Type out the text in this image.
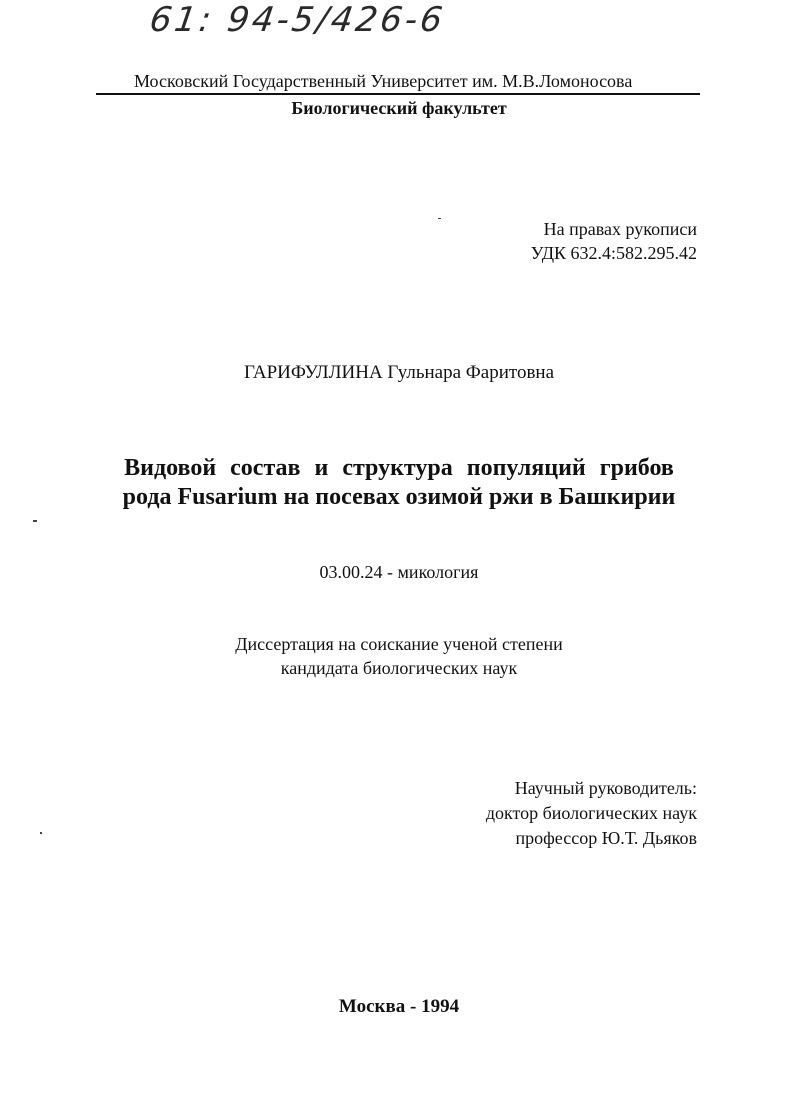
61: 94-5/426-6
Московский Государственный Университет им. М.В.Ломоносова
Биологический факультет
На правах рукописи
УДК 632.4:582.295.42
ГАРИФУЛЛИНА Гульнара Фаритовна
Видовой состав и структура популяций грибов
рода Fusarium на посевах озимой ржи в Башкирии
03.00.24 - микология
Диссертация на соискание ученой степени
кандидата биологических наук
Научный руководитель:
доктор биологических наук
профессор Ю.Т. Дьяков
Москва - 1994
